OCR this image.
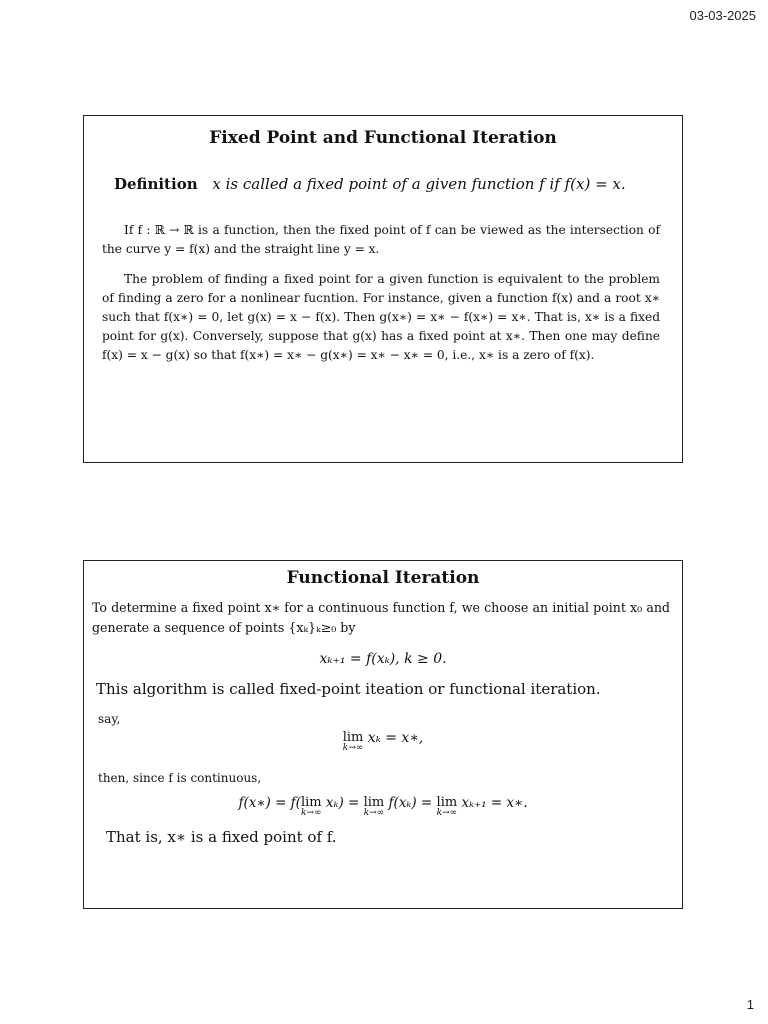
03-03-2025
Fixed Point and Functional Iteration
Definition x is called a fixed point of a given function f if f(x) = x.

If f : ℝ → ℝ is a function, then the fixed point of f can be viewed as the intersection of the curve y = f(x) and the straight line y = x.

The problem of finding a fixed point for a given function is equivalent to the problem of finding a zero for a nonlinear fucntion. For instance, given a function f(x) and a root x∗ such that f(x∗) = 0, let g(x) = x − f(x). Then g(x∗) = x∗ − f(x∗) = x∗. That is, x∗ is a fixed point for g(x). Conversely, suppose that g(x) has a fixed point at x∗. Then one may define f(x) = x − g(x) so that f(x∗) = x∗ − g(x∗) = x∗ − x∗ = 0, i.e., x∗ is a zero of f(x).

Functional Iteration

To determine a fixed point x∗ for a continuous function f, we choose an initial point x₀ and generate a sequence of points {xₖ}ₖ≥₀ by

xₖ₊₁ = f(xₖ), k ≥ 0.
This algorithm is called fixed-point iteation or functional iteration.
say,
lim
k→∞
xₖ = x∗,
then, since f is continuous,
f(x∗) = f( lim
k→∞
xₖ) = lim
k→∞
f(xₖ) = lim
k→∞
xₖ₊₁ = x∗.
That is, x∗ is a fixed point of f.
1
